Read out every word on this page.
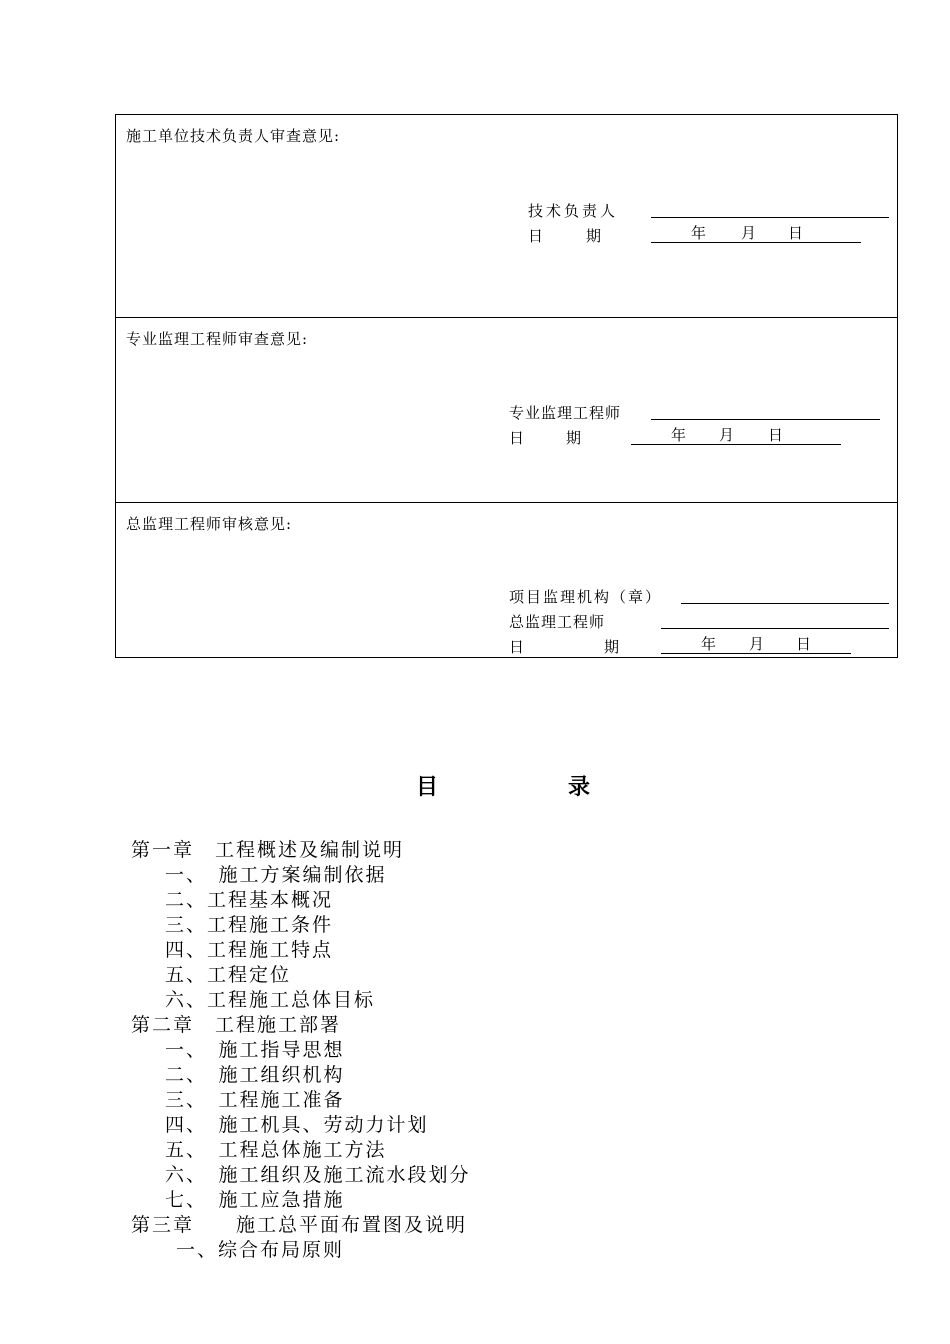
施工单位技术负责人审查意见:
技术负责人
日	期	年 月 日
专业监理工程师审查意见:
专业监理工程师
日	期	年 月 日
总监理工程师审核意见:
项目监理机构（章）
总监理工程师
日	期	年 月 日
目	录
第一章　工程概述及编制说明
一、　施工方案编制依据
二、工程基本概况
三、工程施工条件
四、工程施工特点
五、工程定位
六、工程施工总体目标
第二章　工程施工部署
一、　施工指导思想
二、　施工组织机构
三、　工程施工准备
四、　施工机具、劳动力计划
五、　工程总体施工方法
六、　施工组织及施工流水段划分
七、　施工应急措施
第三章　　施工总平面布置图及说明
一、综合布局原则
